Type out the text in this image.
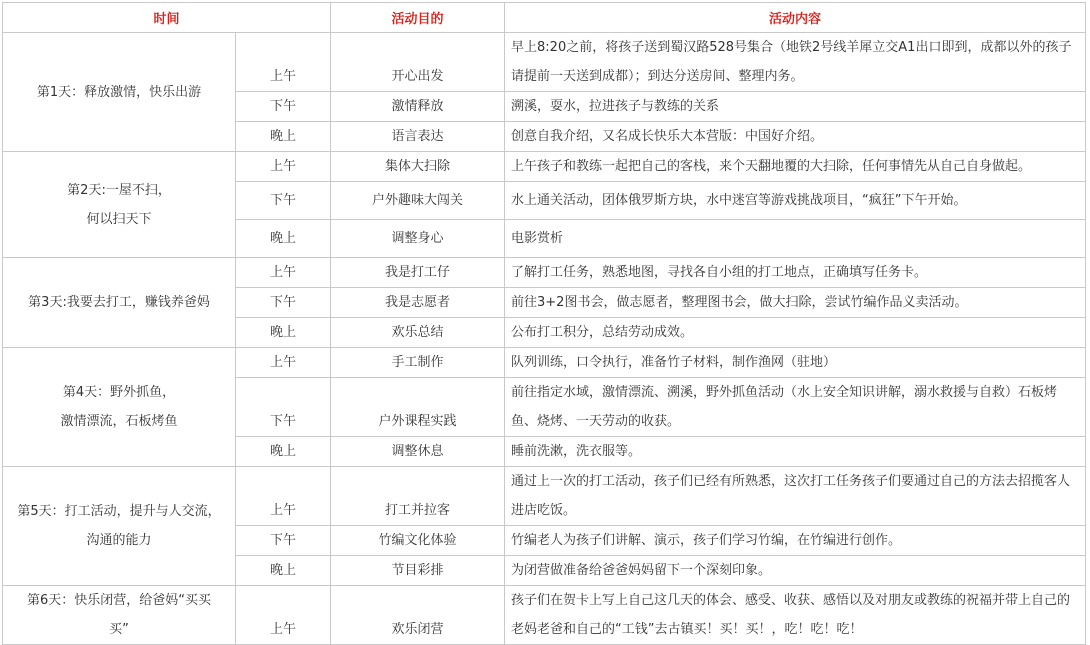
时间		活动目的	活动内容

第1天：释放激情，快乐出游	上午	开心出发	早上8:20之前，将孩子送到蜀汉路528号集合（地铁2号线羊犀立交A1出口即到，成都以外的孩子请提前一天送到成都）；到达分送房间、整理内务。
	下午	激情释放	溯溪，耍水，拉进孩子与教练的关系
	晚上	语言表达	创意自我介绍，又名成长快乐大本营版：中国好介绍。

第2天:一屋不扫，
何以扫天下	上午	集体大扫除	上午孩子和教练一起把自己的客栈，来个天翻地覆的大扫除，任何事情先从自己自身做起。
	下午	户外趣味大闯关	水上通关活动，团体俄罗斯方块，水中迷宫等游戏挑战项目，“疯狂”下午开始。
	晚上	调整身心	电影赏析

第3天:我要去打工，赚钱养爸妈	上午	我是打工仔	了解打工任务，熟悉地图，寻找各自小组的打工地点，正确填写任务卡。
	下午	我是志愿者	前往3+2图书会，做志愿者，整理图书会，做大扫除，尝试竹编作品义卖活动。
	晚上	欢乐总结	公布打工积分，总结劳动成效。

第4天：野外抓鱼，
激情漂流，石板烤鱼	上午	手工制作	队列训练，口令执行，准备竹子材料，制作渔网（驻地）
	下午	户外课程实践	前往指定水域，激情漂流、溯溪，野外抓鱼活动（水上安全知识讲解，溺水救援与自救）石板烤鱼、烧烤、一天劳动的收获。
	晚上	调整休息	睡前洗漱，洗衣服等。

第5天：打工活动，提升与人交流，
沟通的能力	上午	打工并拉客	通过上一次的打工活动，孩子们已经有所熟悉，这次打工任务孩子们要通过自己的方法去招揽客人进店吃饭。
	下午	竹编文化体验	竹编老人为孩子们讲解、演示，孩子们学习竹编，在竹编进行创作。
	晚上	节目彩排	为闭营做准备给爸爸妈妈留下一个深刻印象。

第6天：快乐闭营，给爸妈“买买
买”	上午	欢乐闭营	孩子们在贺卡上写上自己这几天的体会、感受、收获、感悟以及对朋友或教练的祝福并带上自己的老妈老爸和自己的“工钱”去古镇买！买！买！，吃！吃！吃！
